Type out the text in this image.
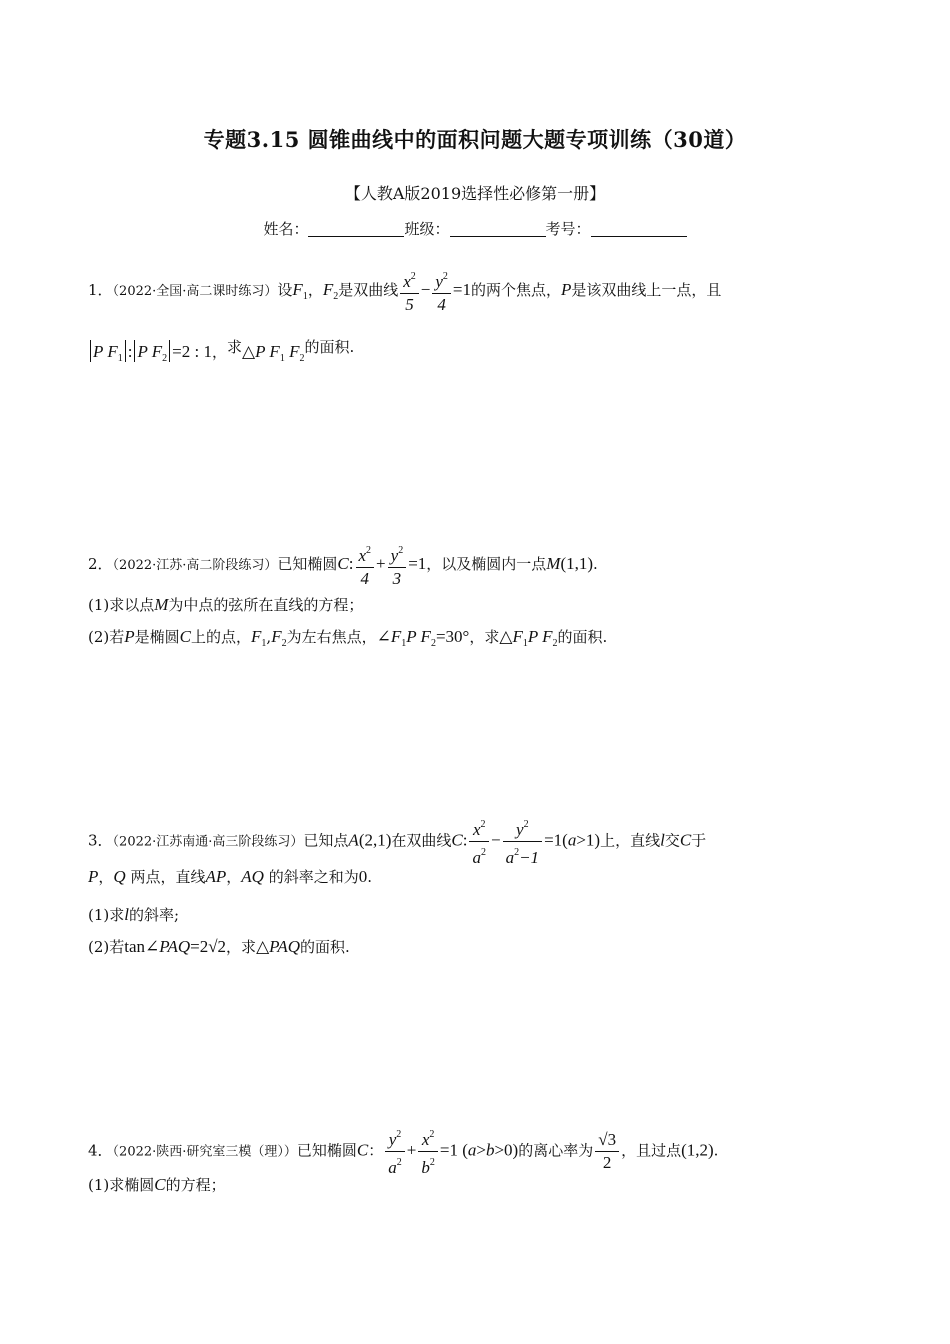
专题3.15 圆锥曲线中的面积问题大题专项训练（30道）
【人教A版2019选择性必修第一册】
姓名：	班级：	考号：
1．（2022·全国·高二课时练习）设$F_1$，$F_2$是双曲线 $\frac{x^2}{5} - \frac{y^2}{4} =1$的两个焦点，P是该双曲线上一点，且
P $F_1$ : P $F_2 =2$ : 1，求△P $F_1$ $F_2$的面积.
2．（2022·江苏·高二阶段练习）已知椭圆C: $\frac{x^2}{4} + \frac{y^2}{3} =1$，以及椭圆内一点M(1,1).
(1)求以点M为中点的弦所在直线的方程；
(2)若P是椭圆C上的点，$F_1,F_2$为左右焦点，$\angle F_1P$ $F_2=30^\circ$，求$\triangle F_1P$ $F_2$的面积.
3．（2022·江苏南通·高三阶段练习）已知点A(2,1)在双曲线C: $\frac{x^2}{a^2} - \frac{y^2}{a^2-1} =1(a>1)$上，直线l交C于
P，Q 两点，直线AP，AQ 的斜率之和为0.
(1)求l的斜率;
(2)若tan∠PAQ=2√2，求△PAQ的面积.
4．（2022·陕西·研究室三模（理））已知椭圆C： $\frac{y^2}{a^2} + \frac{x^2}{b^2} =1$ (a>b>0)的离心率为 $\frac{√3}{2}$ ，且过点(1,2).
(1)求椭圆C的方程；
